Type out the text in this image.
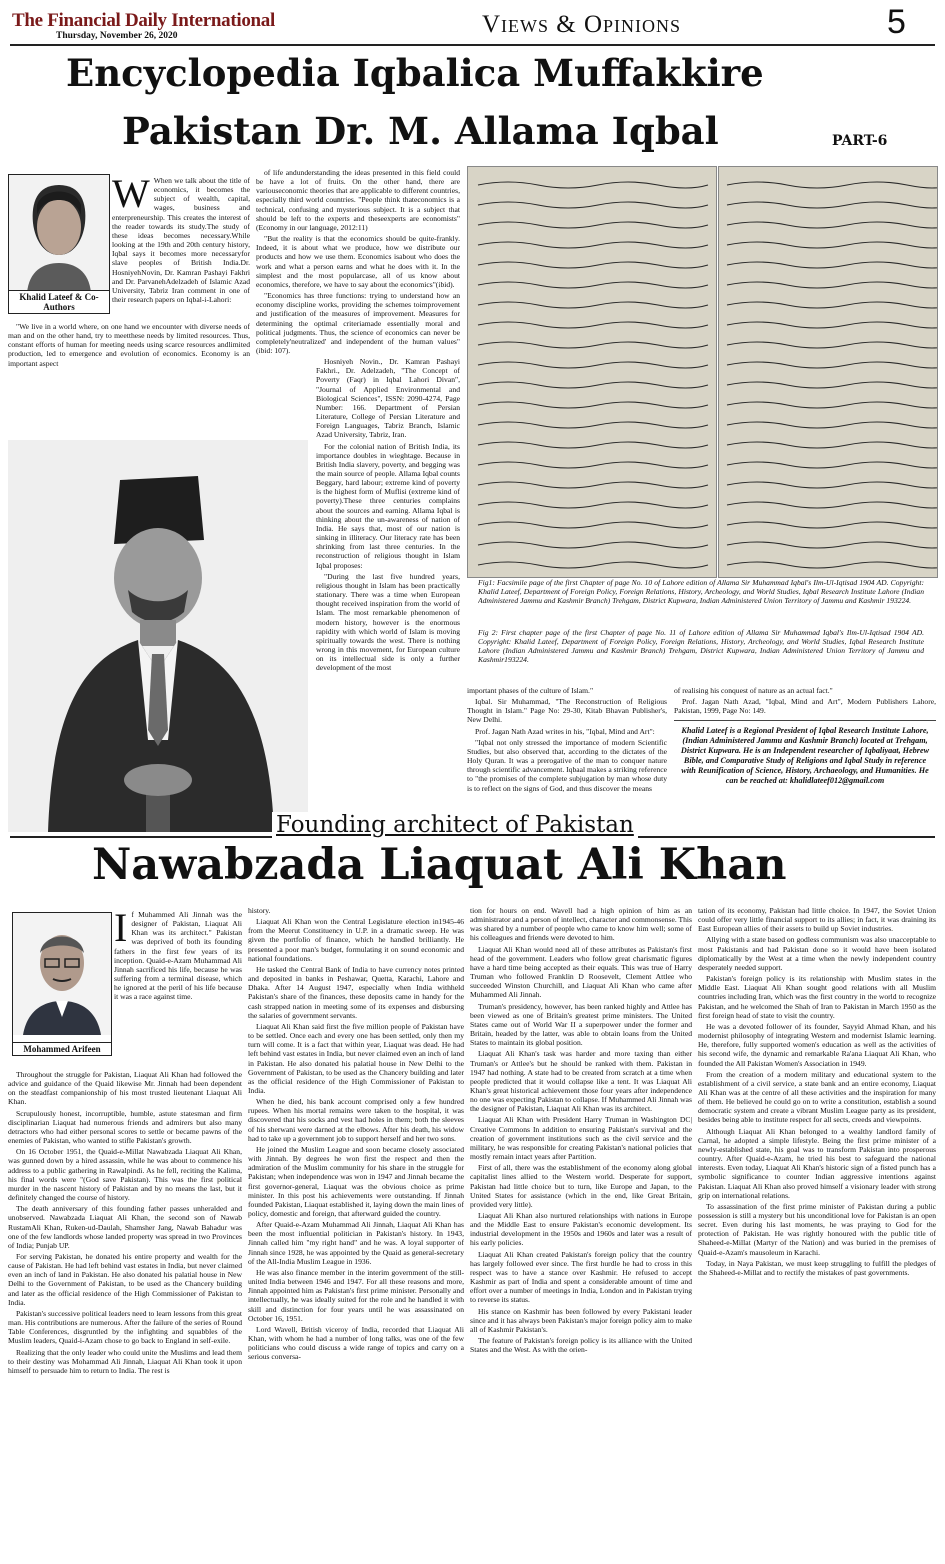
The Financial Daily International
Thursday, November 26, 2020	Views & Opinions	5
Encyclopedia Iqbalica Muffakkire
Pakistan Dr. M. Allama Iqbal	PART-6
Khalid Lateef & Co-Authors
W When we talk about the title of economics, it becomes the subject of wealth, capital, wages, business and enterpreneurship. This creates the interest of the reader towards its study.The study of these ideas becomes necessary.While looking at the 19th and 20th century history, Iqbal says it becomes more necessaryfor slave peoples of British India.Dr. HosniyehNovin, Dr. Kamran Pashayi Fakhri and Dr. ParvanehAdelzadeh of Islamic Azad University, Tabriz Iran comment in one of their research papers on Iqbal-i-Lahori:

"We live in a world where, on one hand we encounter with diverse needs of man and on the other hand, try to meetthese needs by limited resources. Thus, constant efforts of human for meeting needs using scarce resources andlimited production, led to emergence and evolution of economics. Economy is an important aspect

of life andunderstanding the ideas presented in this field could be have a lot of fruits. On the other hand, there are variouseconomic theories that are applicable to different countries, especially third world countries. "People think thateconomics is a technical, confusing and mysterious subject. It is a subject that should be left to the experts and theseexperts are economists"(Economy in our language, 2012:11)

"But the reality is that the economics should be quite-frankly. Indeed, it is about what we produce, how we distribute our products and how we use them. Economics isabout who does the work and what a person earns and what he does with it. In the simplest and the most popularcase, all of us know about economics, therefore, we have to say about the economics"(ibid).

"Economics has three functions: trying to understand how an economy discipline works, providing the schemes toimprovement and justification of the measures of improvement. Measures for determining the optimal criteriamade essentially moral and political judgments. Thus, the science of economics can never be completely'neutralized' and independent of the human values" (ibid: 107).

Hosniyeh Novin., Dr. Kamran Pashayi Fakhri., Dr. Adelzadeh, "The Concept of Poverty (Faqr) in Iqbal Lahori Divan", "Journal of Applied Environmental and Biological Sciences", ISSN: 2090-4274, Page Number: 166. Department of Persian Literature, College of Persian Literature and Foreign Languages, Tabriz Branch, Islamic Azad University, Tabriz, Iran.

For the colonial nation of British India, its importance doubles in wieghtage. Because in British India slavery, poverty, and begging was the main source of people. Allama Iqbal counts Beggary, hard labour; extreme kind of poverty is the highest form of Muflisi (extreme kind of poverty).These three centuries complains about the sources and earning. Allama Iqbal is thinking about the un-awareness of nation of India. He says that, most of our nation is sinking in illiteracy. Our literacy rate has been shrinking from last three centuries. In the reconstruction of religious thought in Islam Iqbal proposes:

"During the last five hundred years, religious thought in Islam has been practically stationary. There was a time when European thought received inspiration from the world of Islam. The most remarkable phenomenon of modern history, however is the enormous rapidity with which world of Islam is moving spiritually towards the west. There is nothing wrong in this movement, for European culture on its intellectual side is only a further development of the most

Fig1: Facsimile page of the first Chapter of page No. 10 of Lahore edition of Allama Sir Muhammad Iqbal's Ilm-Ul-Iqtisad 1904 AD. Copyright: Khalid Lateef, Department of Foreign Policy, Foreign Relations, History, Archeology, and World Studies, Iqbal Research Institute Lahore (Indian Administered Jammu and Kashmir Branch) Trehgam, District Kupwara, Indian Administered Union Territory of Jammu and Kashmir 193224.
Fig 2: First chapter page of the first Chapter of page No. 11 of Lahore edition of Allama Sir Muhammad Iqbal's Ilm-Ul-Iqtisad 1904 AD. Copyright: Khalid Lateef, Department of Foreign Policy, Foreign Relations, History, Archeology, and World Studies, Iqbal Research Institute Lahore (Indian Administered Jammu and Kashmir Branch) Trehgam, District Kupwara, Indian Administered Union Territory of Jammu and Kashmir193224.

important phases of the culture of Islam."

Iqbal. Sir Muhammad, "The Reconstruction of Religious Thought in Islam." Page No: 29-30, Kitab Bhavan Publisher's, New Delhi.

Prof. Jagan Nath Azad writes in his, "Iqbal, Mind and Art":

"Iqbal not only stressed the importance of modern Scientific Studies, but also observed that, according to the dictates of the Holy Quran. It was a prerogative of the man to conquer nature through scientific advancement. Iqbaal makes a striking reference to "the promises of the complete subjugation by man whose duty is to reflect on the signs of God, and thus discover the means

of realising his conquest of nature as an actual fact."

Prof. Jagan Nath Azad, "Iqbal, Mind and Art", Modern Publishers Lahore, Pakistan, 1999, Page No: 149.

Khalid Lateef is a Regional President of Iqbal Research Institute Lahore, (Indian Administered Jammu and Kashmir Branch) located at Trehgam, District Kupwara. He is an Independent researcher of Iqbaliyaat, Hebrew Bible, and Comparative Study of Religions and Iqbal Study in reference with Reunification of Science, History, Archaeology, and Humanities. He can be reached at: khalidlateef012@gmail.com
Founding architect of Pakistan
Nawabzada Liaquat Ali Khan
Mohammed Arifeen
I f Muhammed Ali Jinnah was the designer of Pakistan, Liaquat Ali Khan was its architect." Pakistan was deprived of both its founding fathers in the first few years of its inception. Quaid-e-Azam Muhammad Ali Jinnah sacrificed his life, because he was suffering from a terminal disease, which he ignored at the peril of his life because it was a race against time.

Throughout the struggle for Pakistan, Liaquat Ali Khan had followed the advice and guidance of the Quaid likewise Mr. Jinnah had been dependent on the steadfast companionship of his most trusted lieutenant Liaquat Ali Khan.

Scrupulously honest, incorruptible, humble, astute statesman and firm disciplinarian Liaquat had numerous friends and admirers but also many detractors who had either personal scores to settle or became pawns of the enemies of Pakistan, who wanted to stifle Pakistan's growth.

On 16 October 1951, the Quaid-e-Millat Nawabzada Liaquat Ali Khan, was gunned down by a hired assassin, while he was about to commence his address to a public gathering in Rawalpindi. As he fell, reciting the Kalima, his final words were "(God save Pakistan). This was the first political murder in the nascent history of Pakistan and by no means the last, but it definitely changed the course of history.

The death anniversary of this founding father passes unheralded and unobserved. Nawabzada Liaquat Ali Khan, the second son of Nawab RustamAli Khan, Ruken-ud-Daulah, Shamsher Jang, Nawab Bahadur was one of the few landlords whose landed property was spread in two Provinces of India; Punjab UP.

For serving Pakistan, he donated his entire property and wealth for the cause of Pakistan. He had left behind vast estates in India, but never claimed even an inch of land in Pakistan. He also donated his palatial house in New Delhi to the Government of Pakistan, to be used as the Chancery building and later as the official residence of the High Commissioner of Pakistan to India.

Pakistan's successive political leaders need to learn lessons from this great man. His contributions are numerous. After the failure of the series of Round Table Conferences, disgruntled by the infighting and squabbles of the Muslim leaders, Quaid-i-Azam chose to go back to England in self-exile.

Realizing that the only leader who could unite the Muslims and lead them to their destiny was Mohammad Ali Jinnah, Liaquat Ali Khan took it upon himself to persuade him to return to India. The rest is

history.

Liaquat Ali Khan won the Central Legislature election in1945-46 from the Meerut Constituency in U.P. in a dramatic sweep. He was given the portfolio of finance, which he handled brilliantly. He presented a poor man's budget, formulating it on sound economic and national foundations.

He tasked the Central Bank of India to have currency notes printed and deposited in banks in Peshawar, Quetta, Karachi, Lahore and Dhaka. After 14 August 1947, especially when India withheld Pakistan's share of the finances, these deposits came in handy for the cash strapped nation in meeting some of its expenses and disbursing the salaries of government servants.

Liaquat Ali Khan said first the five million people of Pakistan have to be settled. Once each and every one has been settled, only then my turn will come. It is a fact that within year, Liaquat was dead. He had left behind vast estates in India, but never claimed even an inch of land in Pakistan. He also donated his palatial house in New Delhi to the Government of Pakistan, to be used as the Chancery building and later as the official residence of the High Commissioner of Pakistan to India.

When he died, his bank account comprised only a few hundred rupees. When his mortal remains were taken to the hospital, it was discovered that his socks and vest had holes in them; both the sleeves of his sherwani were darned at the elbows. After his death, his widow had to take up a government job to support herself and her two sons.

He joined the Muslim League and soon became closely associated with Jinnah. By degrees he won first the respect and then the admiration of the Muslim community for his share in the struggle for Pakistan; when independence was won in 1947 and Jinnah became the first governor-general, Liaquat was the obvious choice as prime minister. In this post his achievements were outstanding. If Jinnah founded Pakistan, Liaquat established it, laying down the main lines of policy, domestic and foreign, that afterward guided the country.

After Quaid-e-Azam Muhammad Ali Jinnah, Liaquat Ali Khan has been the most influential politician in Pakistan's history. In 1943, Jinnah called him "my right hand" and he was. A loyal supporter of Jinnah since 1928, he was appointed by the Quaid as general-secretary of the All-India Muslim League in 1936.

He was also finance member in the interim government of the still-united India between 1946 and 1947. For all these reasons and more, Jinnah appointed him as Pakistan's first prime minister. Personally and intellectually, he was ideally suited for the role and he handled it with skill and distinction for four years until he was assassinated on October 16, 1951.

Lord Wavell, British viceroy of India, recorded that Liaquat Ali Khan, with whom he had a number of long talks, was one of the few politicians who could discuss a wide range of topics and carry on a serious conversa-

tion for hours on end. Wavell had a high opinion of him as an administrator and a person of intellect, character and commonsense. This was shared by a number of people who came to know him well; some of his colleagues and friends were devoted to him.

Liaquat Ali Khan would need all of these attributes as Pakistan's first head of the government. Leaders who follow great charismatic figures have a hard time being accepted as their equals. This was true of Harry Truman who followed Franklin D Roosevelt, Clement Attlee who succeeded Winston Churchill, and Liaquat Ali Khan who came after Muhammed Ali Jinnah.

Truman's presidency, however, has been ranked highly and Attlee has been viewed as one of Britain's greatest prime ministers. The United States came out of World War II a superpower under the former and Britain, headed by the latter, was able to obtain loans from the United States to maintain its global position.

Liaquat Ali Khan's task was harder and more taxing than either Truman's or Attlee's but he should be ranked with them. Pakistan in 1947 had nothing. A state had to be created from scratch at a time when people predicted that it would collapse like a tent. It was Liaquat Ali Khan's great historical achievement those four years after independence no one was expecting Pakistan to collapse. If Muhammed Ali Jinnah was the designer of Pakistan, Liaquat Ali Khan was its architect.

Liaquat Ali Khan with President Harry Truman in Washington DC| Creative Commons In addition to ensuring Pakistan's survival and the creation of government institutions such as the civil service and the military, he was responsible for creating Pakistan's national policies that mostly remain intact years after Partition.

First of all, there was the establishment of the economy along global capitalist lines allied to the Western world. Desperate for support, Pakistan had little choice but to turn, like Europe and Japan, to the United States for assistance (which in the end, like Great Britain, provided very little).

Liaquat Ali Khan also nurtured relationships with nations in Europe and the Middle East to ensure Pakistan's economic development. Its industrial development in the 1950s and 1960s and later was a result of his early policies.

Liaquat Ali Khan created Pakistan's foreign policy that the country has largely followed ever since. The first hurdle he had to cross in this respect was to have a stance over Kashmir. He refused to accept Kashmir as part of India and spent a considerable amount of time and effort over a number of meetings in India, London and in Pakistan trying to reverse its status.

His stance on Kashmir has been followed by every Pakistani leader since and it has always been Pakistan's major foreign policy aim to make all of Kashmir Pakistan's.

The feature of Pakistan's foreign policy is its alliance with the United States and the West. As with the orien-

tation of its economy, Pakistan had little choice. In 1947, the Soviet Union could offer very little financial support to its allies; in fact, it was draining its East European allies of their assets to build up Soviet industries.

Allying with a state based on godless communism was also unacceptable to most Pakistanis and had Pakistan done so it would have been isolated diplomatically by the West at a time when the newly independent country desperately needed support.

Pakistan's foreign policy is its relationship with Muslim states in the Middle East. Liaquat Ali Khan sought good relations with all Muslim countries including Iran, which was the first country in the world to recognize Pakistan, and he welcomed the Shah of Iran to Pakistan in March 1950 as the first foreign head of state to visit the country.

He was a devoted follower of its founder, Sayyid Ahmad Khan, and his modernist philosophy of integrating Western and modernist Islamic learning. He, therefore, fully supported women's education as well as the activities of his second wife, the dynamic and remarkable Ra'ana Liaquat Ali Khan, who founded the All Pakistan Women's Association in 1949.

From the creation of a modern military and educational system to the establishment of a civil service, a state bank and an entire economy, Liaquat Ali Khan was at the centre of all these activities and the inspiration for many of them. He believed he could go on to write a constitution, establish a sound democratic system and create a vibrant Muslim League party as its president, besides being able to institute respect for all sects, creeds and viewpoints.

Although Liaquat Ali Khan belonged to a wealthy landlord family of Carnal, he adopted a simple lifestyle. Being the first prime minister of a newly-established state, his goal was to transform Pakistan into prosperous country. After Quaid-e-Azam, he tried his best to safeguard the national interests. Even today, Liaquat Ali Khan's historic sign of a fisted punch has a symbolic significance to counter Indian aggressive intentions against Pakistan. Liaquat Ali Khan also proved himself a visionary leader with strong grip on international relations.

To assassination of the first prime minister of Pakistan during a public possession is still a mystery but his unconditional love for Pakistan is an open secret. Even during his last moments, he was praying to God for the protection of Pakistan. He was rightly honoured with the public title of Shaheed-e-Millat (Martyr of the Nation) and was buried in the premises of Quaid-e-Azam's mausoleum in Karachi.

Today, in Naya Pakistan, we must keep struggling to fulfill the pledges of the Shaheed-e-Millat and to rectify the mistakes of past governments.
